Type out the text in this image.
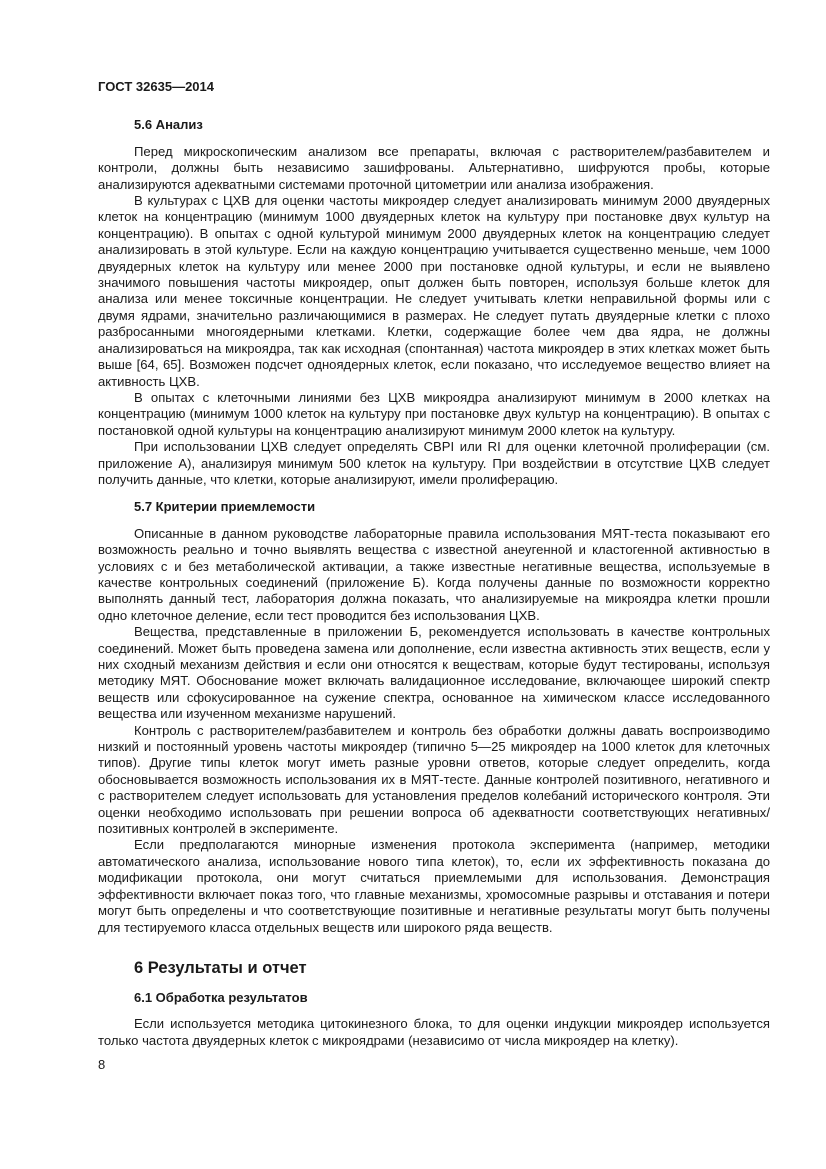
ГОСТ 32635—2014
5.6 Анализ

Перед микроскопическим анализом все препараты, включая с растворителем/разбавителем и контроли, должны быть независимо зашифрованы. Альтернативно, шифруются пробы, которые анализируются адекватными системами проточной цитометрии или анализа изображения.

В культурах с ЦХВ для оценки частоты микроядер следует анализировать минимум 2000 двуядерных клеток на концентрацию (минимум 1000 двуядерных клеток на культуру при постановке двух культур на концентрацию). В опытах с одной культурой минимум 2000 двуядерных клеток на концентрацию следует анализировать в этой культуре. Если на каждую концентрацию учитывается существенно меньше, чем 1000 двуядерных клеток на культуру или менее 2000 при постановке одной культуры, и если не выявлено значимого повышения частоты микроядер, опыт должен быть повторен, используя больше клеток для анализа или менее токсичные концентрации. Не следует учитывать клетки неправильной формы или с двумя ядрами, значительно различающимися в размерах. Не следует путать двуядерные клетки с плохо разбросанными многоядерными клетками. Клетки, содержащие более чем два ядра, не должны анализироваться на микроядра, так как исходная (спонтанная) частота микроядер в этих клетках может быть выше [64, 65]. Возможен подсчет одноядерных клеток, если показано, что исследуемое вещество влияет на активность ЦХВ.

В опытах с клеточными линиями без ЦХВ микроядра анализируют минимум в 2000 клетках на концентрацию (минимум 1000 клеток на культуру при постановке двух культур на концентрацию). В опытах с постановкой одной культуры на концентрацию анализируют минимум 2000 клеток на культуру.

При использовании ЦХВ следует определять CBPI или RI для оценки клеточной пролиферации (см. приложение А), анализируя минимум 500 клеток на культуру. При воздействии в отсутствие ЦХВ следует получить данные, что клетки, которые анализируют, имели пролиферацию.

5.7 Критерии приемлемости

Описанные в данном руководстве лабораторные правила использования МЯТ-теста показывают его возможность реально и точно выявлять вещества с известной анеугенной и кластогенной активностью в условиях с и без метаболической активации, а также известные негативные вещества, используемые в качестве контрольных соединений (приложение Б). Когда получены данные по возможности корректно выполнять данный тест, лаборатория должна показать, что анализируемые на микроядра клетки прошли одно клеточное деление, если тест проводится без использования ЦХВ.

Вещества, представленные в приложении Б, рекомендуется использовать в качестве контрольных соединений. Может быть проведена замена или дополнение, если известна активность этих веществ, если у них сходный механизм действия и если они относятся к веществам, которые будут тестированы, используя методику МЯТ. Обоснование может включать валидационное исследование, включающее широкий спектр веществ или сфокусированное на сужение спектра, основанное на химическом классе исследованного вещества или изученном механизме нарушений.

Контроль с растворителем/разбавителем и контроль без обработки должны давать воспроизводимо низкий и постоянный уровень частоты микроядер (типично 5—25 микроядер на 1000 клеток для клеточных типов). Другие типы клеток могут иметь разные уровни ответов, которые следует определить, когда обосновывается возможность использования их в МЯТ-тесте. Данные контролей позитивного, негативного и с растворителем следует использовать для установления пределов колебаний исторического контроля. Эти оценки необходимо использовать при решении вопроса об адекватности соответствующих негативных/позитивных контролей в эксперименте.

Если предполагаются минорные изменения протокола эксперимента (например, методики автоматического анализа, использование нового типа клеток), то, если их эффективность показана до модификации протокола, они могут считаться приемлемыми для использования. Демонстрация эффективности включает показ того, что главные механизмы, хромосомные разрывы и отставания и потери могут быть определены и что соответствующие позитивные и негативные результаты могут быть получены для тестируемого класса отдельных веществ или широкого ряда веществ.

6 Результаты и отчет
6.1 Обработка результатов

Если используется методика цитокинезного блока, то для оценки индукции микроядер используется только частота двуядерных клеток с микроядрами (независимо от числа микроядер на клетку).

8
